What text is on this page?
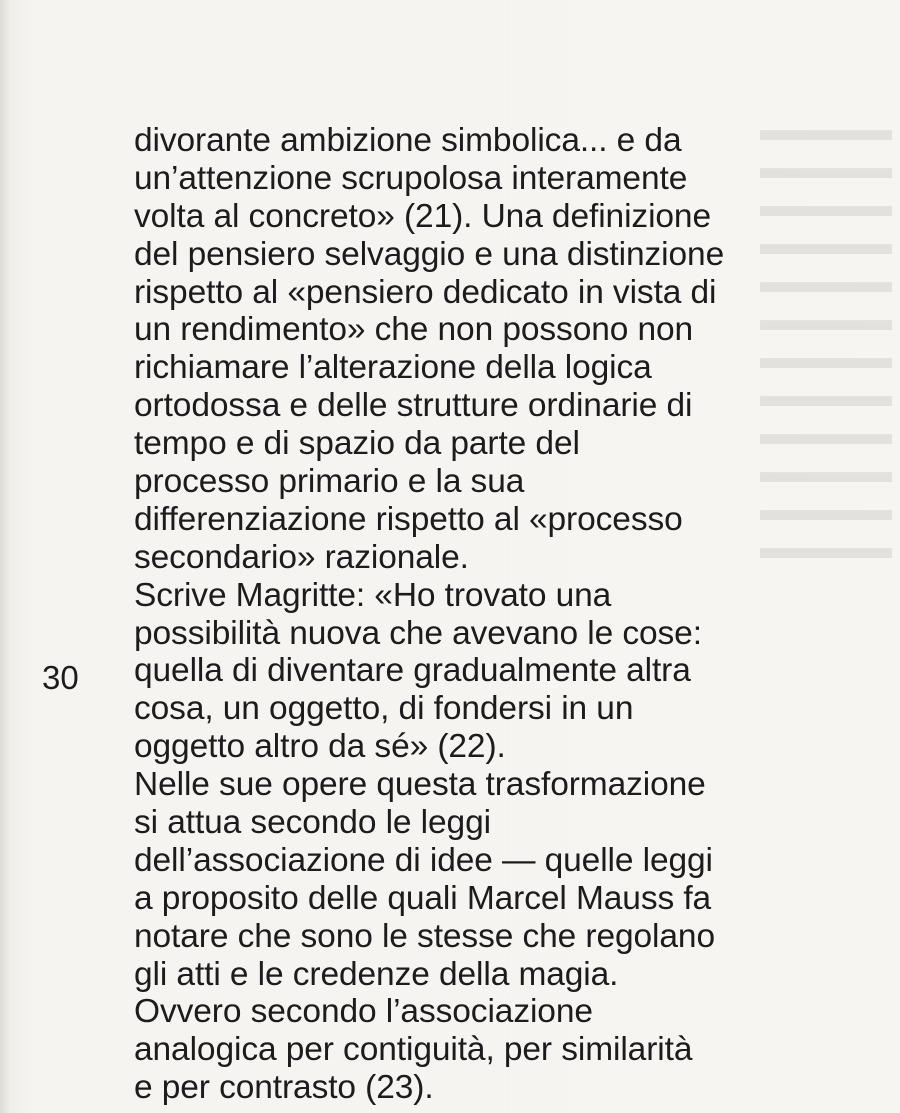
▬▬▬▬
▬▬▬▬
▬▬▬▬
▬▬▬▬
▬▬▬▬
▬▬▬▬
▬▬▬▬
▬▬▬▬
▬▬▬▬
▬▬▬▬
▬▬▬▬
▬▬▬▬
30
divorante ambizione simbolica... e da
un’attenzione scrupolosa interamente
volta al concreto» (21). Una definizione
del pensiero selvaggio e una distinzione
rispetto al «pensiero dedicato in vista di
un rendimento» che non possono non
richiamare l’alterazione della logica
ortodossa e delle strutture ordinarie di
tempo e di spazio da parte del
processo primario e la sua
differenziazione rispetto al «processo
secondario» razionale.
Scrive Magritte: «Ho trovato una
possibilità nuova che avevano le cose:
quella di diventare gradualmente altra
cosa, un oggetto, di fondersi in un
oggetto altro da sé» (22).
Nelle sue opere questa trasformazione
si attua secondo le leggi
dell’associazione di idee — quelle leggi
a proposito delle quali Marcel Mauss fa
notare che sono le stesse che regolano
gli atti e le credenze della magia.
Ovvero secondo l’associazione
analogica per contiguità, per similarità
e per contrasto (23).
